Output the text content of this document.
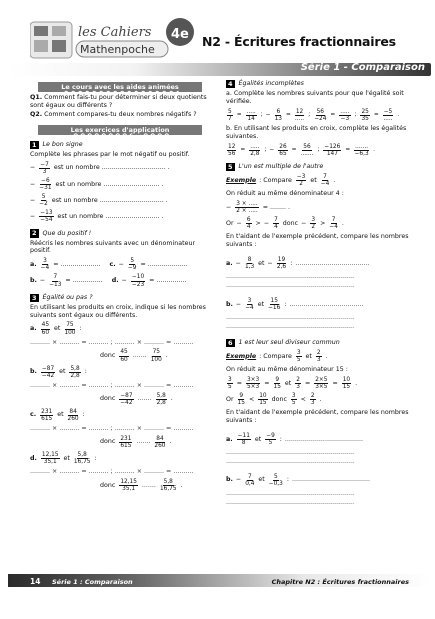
les Cahiers
Mathenpoche
4e N2 - Écritures fractionnaires
Série 1 - Comparaison
Le cours avec les aides animées

Q1. Comment fais-tu pour déterminer si deux quotients sont égaux ou différents ?

Q2. Comment compares-tu deux nombres négatifs ?

Les exercices d'application
1 Le bon signe

Complète les phrases par le mot négatif ou positif.

− $\frac{-7}{3}$ est un nombre ................................ .
− $\frac{-6}{-31}$ est un nombre ............................ .
− $\frac{5}{-2}$ est un nombre ................................ .
− $\frac{-13}{-54}$ est un nombre ........................... .
2 Que du positif !

Réécris les nombres suivants avec un dénominateur positif.

a. $\frac{3}{-4}$ = .................... c. − $\frac{5}{-9}$ = ....................
b. − $\frac{7}{-13}$ = ............... d. − $\frac{-10}{-23}$ = ...............
3 Égalité ou pas ?

En utilisant les produits en croix, indique si les nombres suivants sont égaux ou différents.

a. $\frac{45}{60}$ et $\frac{75}{100}$ :

.......... × .......... = .......... ; .......... × .......... = ..........

donc $\frac{45}{60}$ ....... $\frac{75}{100}$ .
b. $\frac{-87}{-42}$ et $\frac{5,8}{2,8}$ :

.......... × .......... = .......... ; .......... × .......... = ..........

donc $\frac{-87}{-42}$ ....... $\frac{5,8}{2,8}$ .
c. $\frac{231}{615}$ et $\frac{84}{260}$ :

.......... × .......... = .......... ; .......... × .......... = ..........

donc $\frac{231}{615}$ ....... $\frac{84}{260}$ .
d. $\frac{12,15}{35,1}$ et $\frac{5,8}{16,75}$ :

.......... × .......... = .......... ; .......... × .......... = ..........

donc $\frac{12,15}{35,1}$ ....... $\frac{5,8}{16,75}$ .
4 Égalités incomplètes

a. Complète les nombres suivants pour que l'égalité soit vérifiée.

$\frac{5}{7} = \frac{.....}{14}$ ; − $\frac{6}{13} = \frac{12}{.....}$ ; $\frac{56}{-24} = \frac{.....}{-3}$ ; $\frac{25}{35} = \frac{-5}{.....}$ .

b. En utilisant les produits en croix, complète les égalités suivantes.

$\frac{12}{56} = \frac{.....}{2,8}$ ; − $\frac{26}{65} = \frac{56}{.......}$ ; $\frac{-126}{147} = \frac{.......}{-6,3}$ .
5 L'un est multiple de l'autre
Exemple : Compare $\frac{-3}{2}$ et $\frac{7}{-4}$ .

On réduit au même dénominateur 4 :

− $\frac{3 \times .....}{2 \times .....}$ = ........ .
$Or - \frac{6}{4}$ > − $\frac{7}{4}$ donc − $\frac{3}{2} > \frac{7}{-4}$ .

En t'aidant de l'exemple précédent, compare les nombres suivants :

a. − $\frac{8}{1,3}$ et − $\frac{19}{2,6}$ : .....................................

................................................................

................................................................

b. − $\frac{3}{-4}$ et $\frac{15}{-16}$ : .....................................

................................................................

................................................................

6 1 est leur seul diviseur commun
Exemple : Compare $\frac{3}{5}$ et $\frac{2}{3}$ .

On réduit au même dénominateur 15 :

$\frac{3}{5} = \frac{3\times 3}{5\times 3} = \frac{9}{15}$ et $\frac{2}{3} = \frac{2\times 5}{3\times 5} = \frac{10}{15}$ .
Or $\frac{9}{15} < \frac{10}{15}$ donc $\frac{3}{5} < \frac{2}{3}$ .

En t'aidant de l'exemple précédent, compare les nombres suivants :

a. $\frac{-11}{8}$ et $\frac{-9}{5}$ : .......................................

................................................................

................................................................

b. − $\frac{7}{0,4}$ et $\frac{5}{-0,3}$ : .......................................

................................................................

................................................................

14 Série 1 : Comparaison	Chapitre N2 : Écritures fractionnaires
